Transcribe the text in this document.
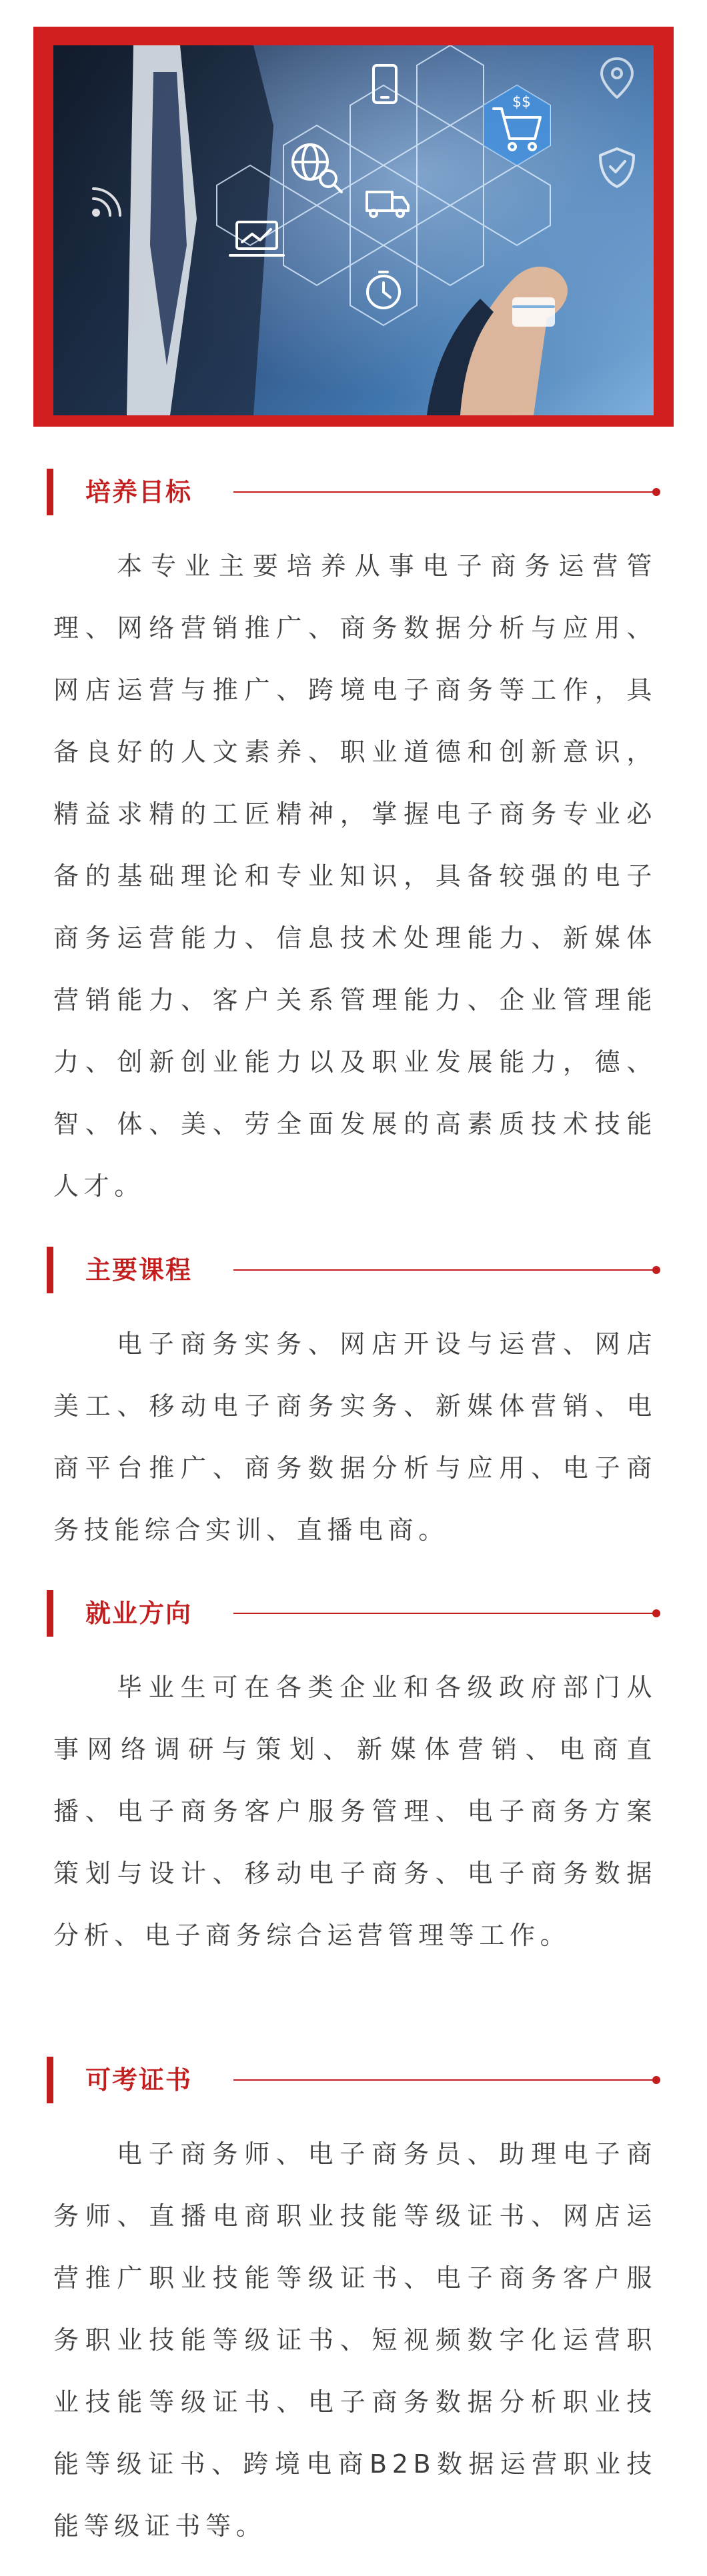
$$
培养目标
本专业主要培养从事电子商务运营管理、网络营销推广、商务数据分析与应用、网店运营与推广、跨境电子商务等工作，具备良好的人文素养、职业道德和创新意识，精益求精的工匠精神，掌握电子商务专业必备的基础理论和专业知识，具备较强的电子商务运营能力、信息技术处理能力、新媒体营销能力、客户关系管理能力、企业管理能力、创新创业能力以及职业发展能力，德、智、体、美、劳全面发展的高素质技术技能人才。
主要课程
电子商务实务、网店开设与运营、网店美工、移动电子商务实务、新媒体营销、电商平台推广、商务数据分析与应用、电子商务技能综合实训、直播电商。
就业方向
毕业生可在各类企业和各级政府部门从事网络调研与策划、新媒体营销、电商直播、电子商务客户服务管理、电子商务方案策划与设计、移动电子商务、电子商务数据分析、电子商务综合运营管理等工作。
可考证书
电子商务师、电子商务员、助理电子商务师、直播电商职业技能等级证书、网店运营推广职业技能等级证书、电子商务客户服务职业技能等级证书、短视频数字化运营职业技能等级证书、电子商务数据分析职业技能等级证书、跨境电商B2B数据运营职业技能等级证书等。
